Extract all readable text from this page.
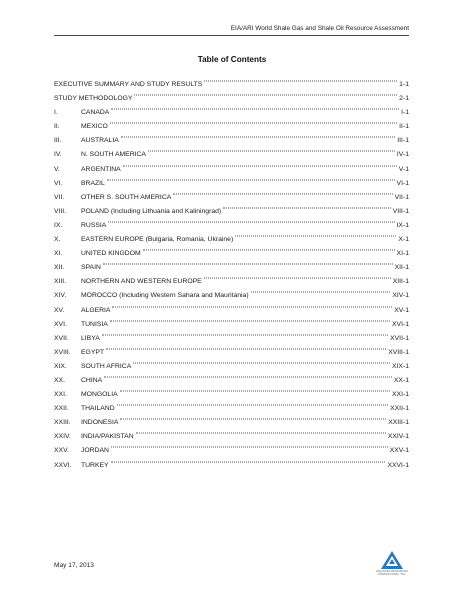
EIA/ARI World Shale Gas and Shale Oil Resource Assessment
Table of Contents
EXECUTIVE SUMMARY AND STUDY RESULTS	1-1
STUDY METHODOLOGY	2-1
I.	CANADA	I-1
II.	MEXICO	II-1
III.	AUSTRALIA	III-1
IV.	N. SOUTH AMERICA	IV-1
V.	ARGENTINA	V-1
VI.	BRAZIL	VI-1
VII.	OTHER S. SOUTH AMERICA	VII-1
VIII.	POLAND (Including Lithuania and Kaliningrad)	VIII-1
IX.	RUSSIA	IX-1
X.	EASTERN EUROPE (Bulgaria, Romania, Ukraine)	X-1
XI.	UNITED KINGDOM	XI-1
XII.	SPAIN	XII-1
XIII.	NORTHERN AND WESTERN EUROPE	XIII-1
XIV.	MOROCCO (Including Western Sahara and Mauritania)	XIV-1
XV.	ALGERIA	XV-1
XVI.	TUNISIA	XVI-1
XVII.	LIBYA	XVII-1
XVIII.	EGYPT	XVIII-1
XIX.	SOUTH AFRICA	XIX-1
XX.	CHINA	XX-1
XXI.	MONGOLIA	XXI-1
XXII.	THAILAND	XXII-1
XXIII.	INDONESIA	XXIII-1
XXIV.	INDIA/PAKISTAN	XXIV-1
XXV.	JORDAN	XXV-1
XXVI.	TURKEY	XXVI-1
May 17, 2013
ADVANCED RESOURCES INTERNATIONAL, INC.
